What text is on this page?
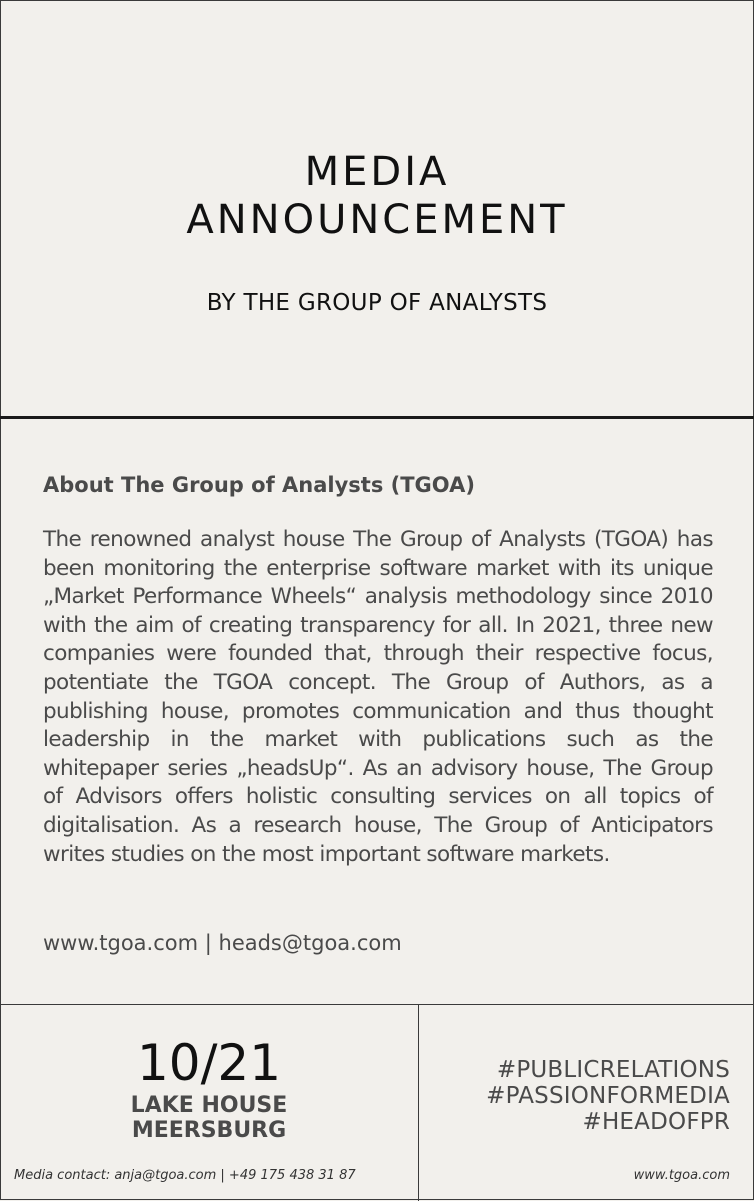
MEDIA
ANNOUNCEMENT
BY THE GROUP OF ANALYSTS
About The Group of Analysts (TGOA)

The renowned analyst house The Group of Analysts (TGOA) has been monitoring the enterprise software market with its unique „Market Performance Wheels“ analysis methodology since 2010 with the aim of creating transparency for all. In 2021, three new companies were founded that, through their respective focus, potentiate the TGOA concept. The Group of Authors, as a publishing house, promotes communication and thus thought leadership in the market with publications such as the whitepaper series „headsUp“. As an advisory house, The Group of Advisors offers holistic consulting services on all topics of digitalisation. As a research house, The Group of Anticipators writes studies on the most important software markets.

www.tgoa.com | heads@tgoa.com
10/21
LAKE HOUSE
MEERSBURG
Media contact: anja@tgoa.com | +49 175 438 31 87
#PUBLICRELATIONS
#PASSIONFORMEDIA
#HEADOFPR
www.tgoa.com
